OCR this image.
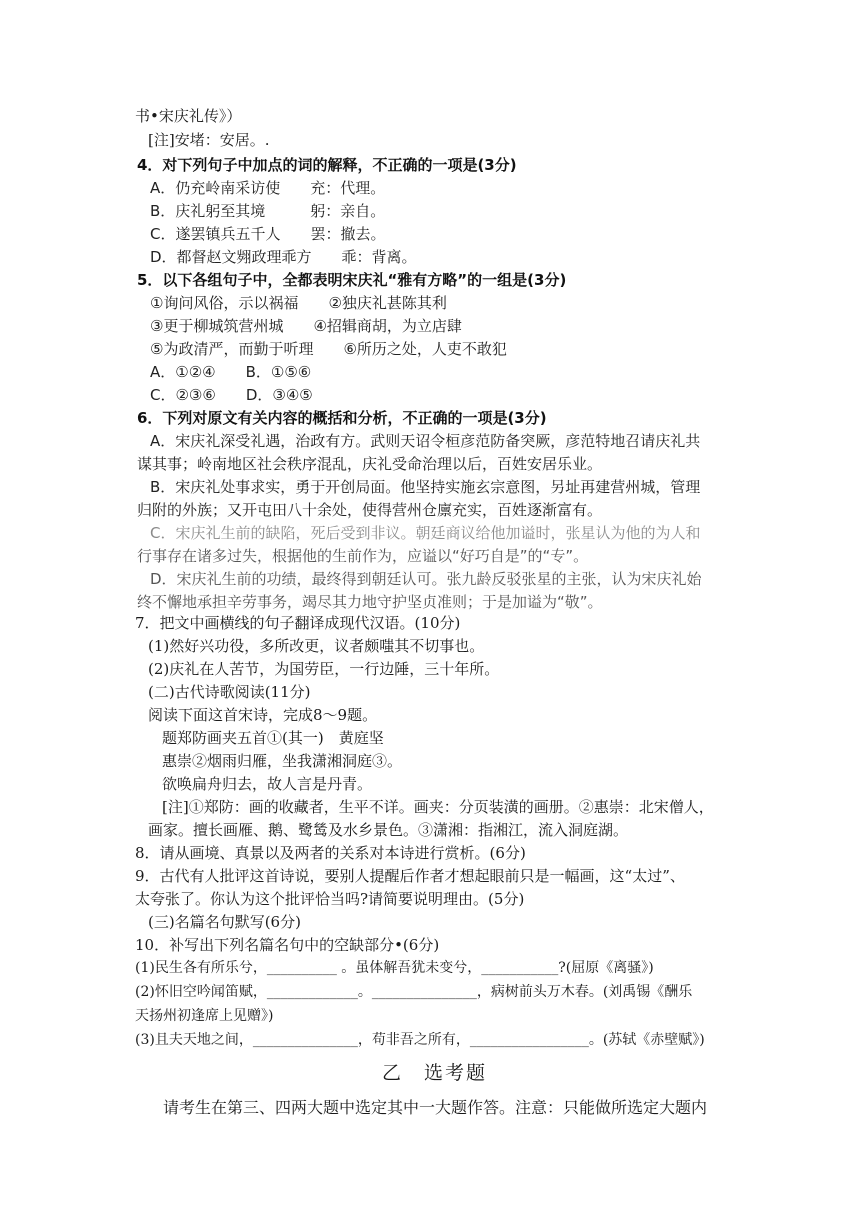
书•宋庆礼传》）
[注]安堵：安居。.
4．对下列句子中加点的词的解释，不正确的一项是(3分)
A．仍充岭南采访使　　充：代理。
B．庆礼躬至其境　　　躬：亲自。
C．遂罢镇兵五千人　　罢：撤去。
D．都督赵文翙政理乖方　　乖：背离。
5．以下各组句子中，全都表明宋庆礼“雅有方略”的一组是(3分)
①询问风俗，示以祸福　　②独庆礼甚陈其利
③更于柳城筑营州城　　④招辑商胡，为立店肆
⑤为政清严，而勤于听理　　⑥所历之处，人吏不敢犯
A．①②④　　B．①⑤⑥
C．②③⑥　　D．③④⑤
6．下列对原文有关内容的概括和分析，不正确的一项是(3分)
A．宋庆礼深受礼遇，治政有方。武则天诏令桓彦范防备突厥，彦范特地召请庆礼共
谋其事；岭南地区社会秩序混乱，庆礼受命治理以后，百姓安居乐业。
B．宋庆礼处事求实，勇于开创局面。他坚持实施玄宗意图，另址再建营州城，管理
归附的外族；又开屯田八十余处，使得营州仓廪充实，百姓逐渐富有。
C．宋庆礼生前的缺陷，死后受到非议。朝廷商议给他加谥时，张星认为他的为人和
行事存在诸多过失，根据他的生前作为，应谥以“好巧自是”的“专”。
D．宋庆礼生前的功绩，最终得到朝廷认可。张九龄反驳张星的主张，认为宋庆礼始
终不懈地承担辛劳事务，竭尽其力地守护坚贞准则；于是加谥为“敬”。
7．把文中画横线的句子翻译成现代汉语。(10分)
(1)然好兴功役，多所改更，议者颇嗤其不切事也。
(2)庆礼在人苦节，为国劳臣，一行边陲，三十年所。
(二)古代诗歌阅读(11分)
阅读下面这首宋诗，完成8～9题。
题郑防画夹五首①(其一)　黄庭坚
惠崇②烟雨归雁，坐我潇湘洞庭③。
欲唤扁舟归去，故人言是丹青。
[注]①郑防：画的收藏者，生平不详。画夹：分页装潢的画册。②惠崇：北宋僧人，
画家。擅长画雁、鹅、鹭鸶及水乡景色。③潇湘：指湘江，流入洞庭湖。
8．请从画境、真景以及两者的关系对本诗进行赏析。(6分)
9．古代有人批评这首诗说，要别人提醒后作者才想起眼前只是一幅画，这“太过”、
太夸张了。你认为这个批评恰当吗?请简要说明理由。(5分)
(三)名篇名句默写(6分)
10．补写出下列名篇名句中的空缺部分•(6分)
(1)民生各有所乐兮，__________ 。虽体解吾犹未变兮，___________?(屈原《离骚》)
(2)怀旧空吟闻笛赋，_____________。_______________，病树前头万木春。(刘禹锡《酬乐
天扬州初逢席上见赠》)
(3)且夫天地之间，_______________，苟非吾之所有，_________________。(苏轼《赤壁赋》)
乙　选考题
请考生在第三、四两大题中选定其中一大题作答。注意：只能做所选定大题内
